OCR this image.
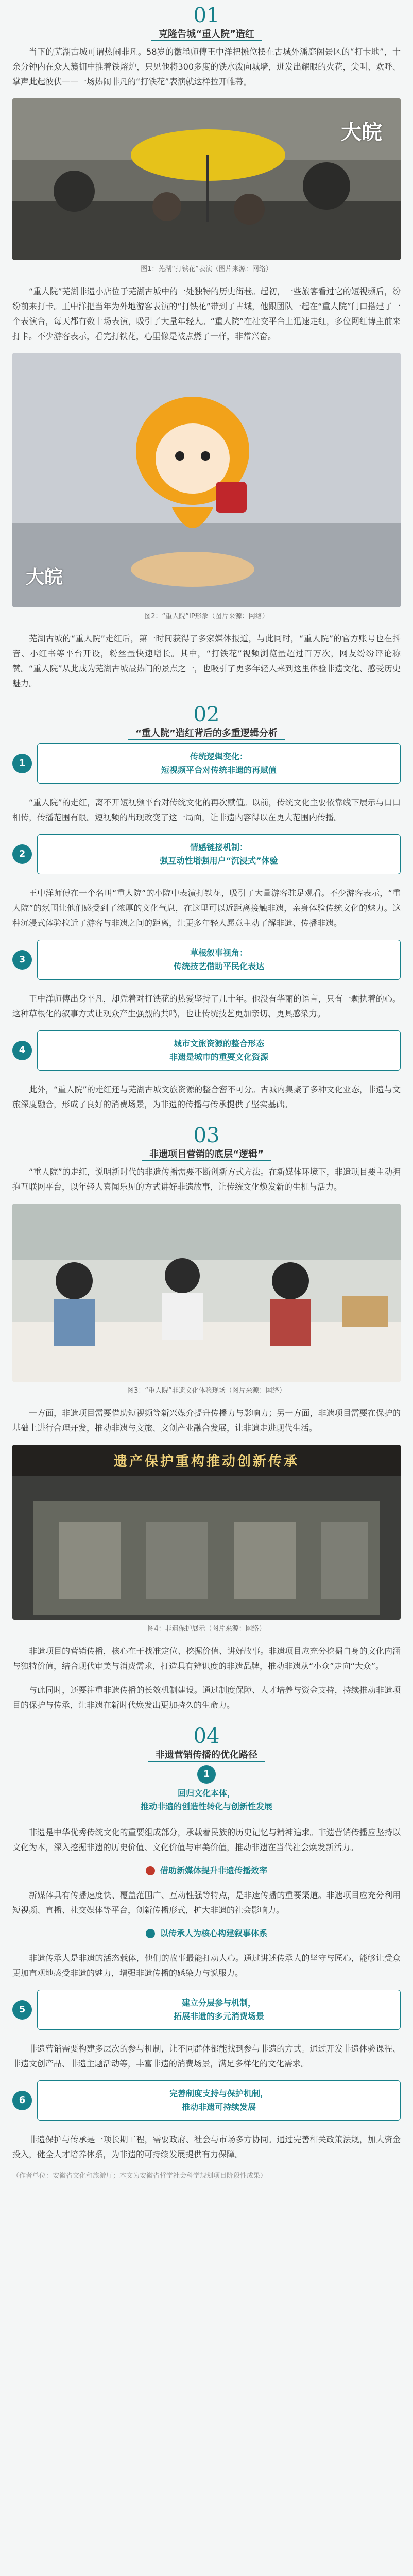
01
克隆告城“重人院”造红

当下的芜湖古城可谓热闹非凡。58岁的徽墨师傅王中洋把摊位摆在古城外潘庭阁景区的“打卡地”，十余分钟内在众人簇拥中推着铁熔炉，只见他将300多度的铁水泼向城墙，迸发出耀眼的火花，尖叫、欢呼、掌声此起彼伏——一场热闹非凡的“打铁花”表演就这样拉开帷幕。

大皖
图1：芜湖“打铁花”表演（图片来源：网络）

“重人院”芜湖非遗小店位于芜湖古城中的一处独特的历史街巷。起初，一些旅客看过它的短视频后，纷纷前来打卡。王中洋把当年为外地游客表演的“打铁花”带到了古城，他跟团队一起在“重人院”门口搭建了一个表演台，每天都有数十场表演，吸引了大量年轻人。“重人院”在社交平台上迅速走红，多位网红博主前来打卡。不少游客表示，看完打铁花，心里像是被点燃了一样，非常兴奋。

大皖
图2：“重人院”IP形象（图片来源：网络）

芜湖古城的“重人院”走红后，第一时间获得了多家媒体报道，与此同时，“重人院”的官方账号也在抖音、小红书等平台开设，粉丝量快速增长。其中，“打铁花”视频浏览量超过百万次，网友纷纷评论称赞。“重人院”从此成为芜湖古城最热门的景点之一，也吸引了更多年轻人来到这里体验非遗文化、感受历史魅力。

02
“重人院”造红背后的多重逻辑分析
1
传统逻辑变化：
短视频平台对传统非遗的再赋值

“重人院”的走红，离不开短视频平台对传统文化的再次赋值。以前，传统文化主要依靠线下展示与口口相传，传播范围有限。短视频的出现改变了这一局面，让非遗内容得以在更大范围内传播。

2
情感链接机制：
强互动性增强用户“沉浸式”体验

王中洋师傅在一个名叫“重人院”的小院中表演打铁花，吸引了大量游客驻足观看。不少游客表示，“重人院”的氛围让他们感受到了浓厚的文化气息，在这里可以近距离接触非遗，亲身体验传统文化的魅力。这种沉浸式体验拉近了游客与非遗之间的距离，让更多年轻人愿意主动了解非遗、传播非遗。

3
草根叙事视角：
传统技艺借助平民化表达

王中洋师傅出身平凡，却凭着对打铁花的热爱坚持了几十年。他没有华丽的语言，只有一颗执着的心。这种草根化的叙事方式让观众产生强烈的共鸣，也让传统技艺更加亲切、更具感染力。

4
城市文旅资源的整合形态
非遗是城市的重要文化资源

此外，“重人院”的走红还与芜湖古城文旅资源的整合密不可分。古城内集聚了多种文化业态，非遗与文旅深度融合，形成了良好的消费场景，为非遗的传播与传承提供了坚实基础。

03
非遗项目营销的底层“逻辑”

“重人院”的走红，说明新时代的非遗传播需要不断创新方式方法。在新媒体环境下，非遗项目要主动拥抱互联网平台，以年轻人喜闻乐见的方式讲好非遗故事，让传统文化焕发新的生机与活力。

图3：“重人院”非遗文化体验现场（图片来源：网络）

一方面，非遗项目需要借助短视频等新兴媒介提升传播力与影响力；另一方面，非遗项目需要在保护的基础上进行合理开发，推动非遗与文旅、文创产业融合发展，让非遗走进现代生活。

遗产保护重构推动创新传承
图4：非遗保护展示（图片来源：网络）

非遗项目的营销传播，核心在于找准定位、挖掘价值、讲好故事。非遗项目应充分挖掘自身的文化内涵与独特价值，结合现代审美与消费需求，打造具有辨识度的非遗品牌，推动非遗从“小众”走向“大众”。

与此同时，还要注重非遗传播的长效机制建设。通过制度保障、人才培养与资金支持，持续推动非遗项目的保护与传承，让非遗在新时代焕发出更加持久的生命力。

04
非遗营销传播的优化路径
1
回归文化本体，
推动非遗的创造性转化与创新性发展

非遗是中华优秀传统文化的重要组成部分，承载着民族的历史记忆与精神追求。非遗营销传播应坚持以文化为本，深入挖掘非遗的历史价值、文化价值与审美价值，推动非遗在当代社会焕发新活力。

借助新媒体提升非遗传播效率

新媒体具有传播速度快、覆盖范围广、互动性强等特点，是非遗传播的重要渠道。非遗项目应充分利用短视频、直播、社交媒体等平台，创新传播形式，扩大非遗的社会影响力。

以传承人为核心构建叙事体系

非遗传承人是非遗的活态载体，他们的故事最能打动人心。通过讲述传承人的坚守与匠心，能够让受众更加直观地感受非遗的魅力，增强非遗传播的感染力与说服力。

5
建立分层参与机制，
拓展非遗的多元消费场景

非遗营销需要构建多层次的参与机制，让不同群体都能找到参与非遗的方式。通过开发非遗体验课程、非遗文创产品、非遗主题活动等，丰富非遗的消费场景，满足多样化的文化需求。

6
完善制度支持与保护机制，
推动非遗可持续发展

非遗保护与传承是一项长期工程，需要政府、社会与市场多方协同。通过完善相关政策法规，加大资金投入，健全人才培养体系，为非遗的可持续发展提供有力保障。

（作者单位：安徽省文化和旅游厅；本文为安徽省哲学社会科学规划项目阶段性成果）
